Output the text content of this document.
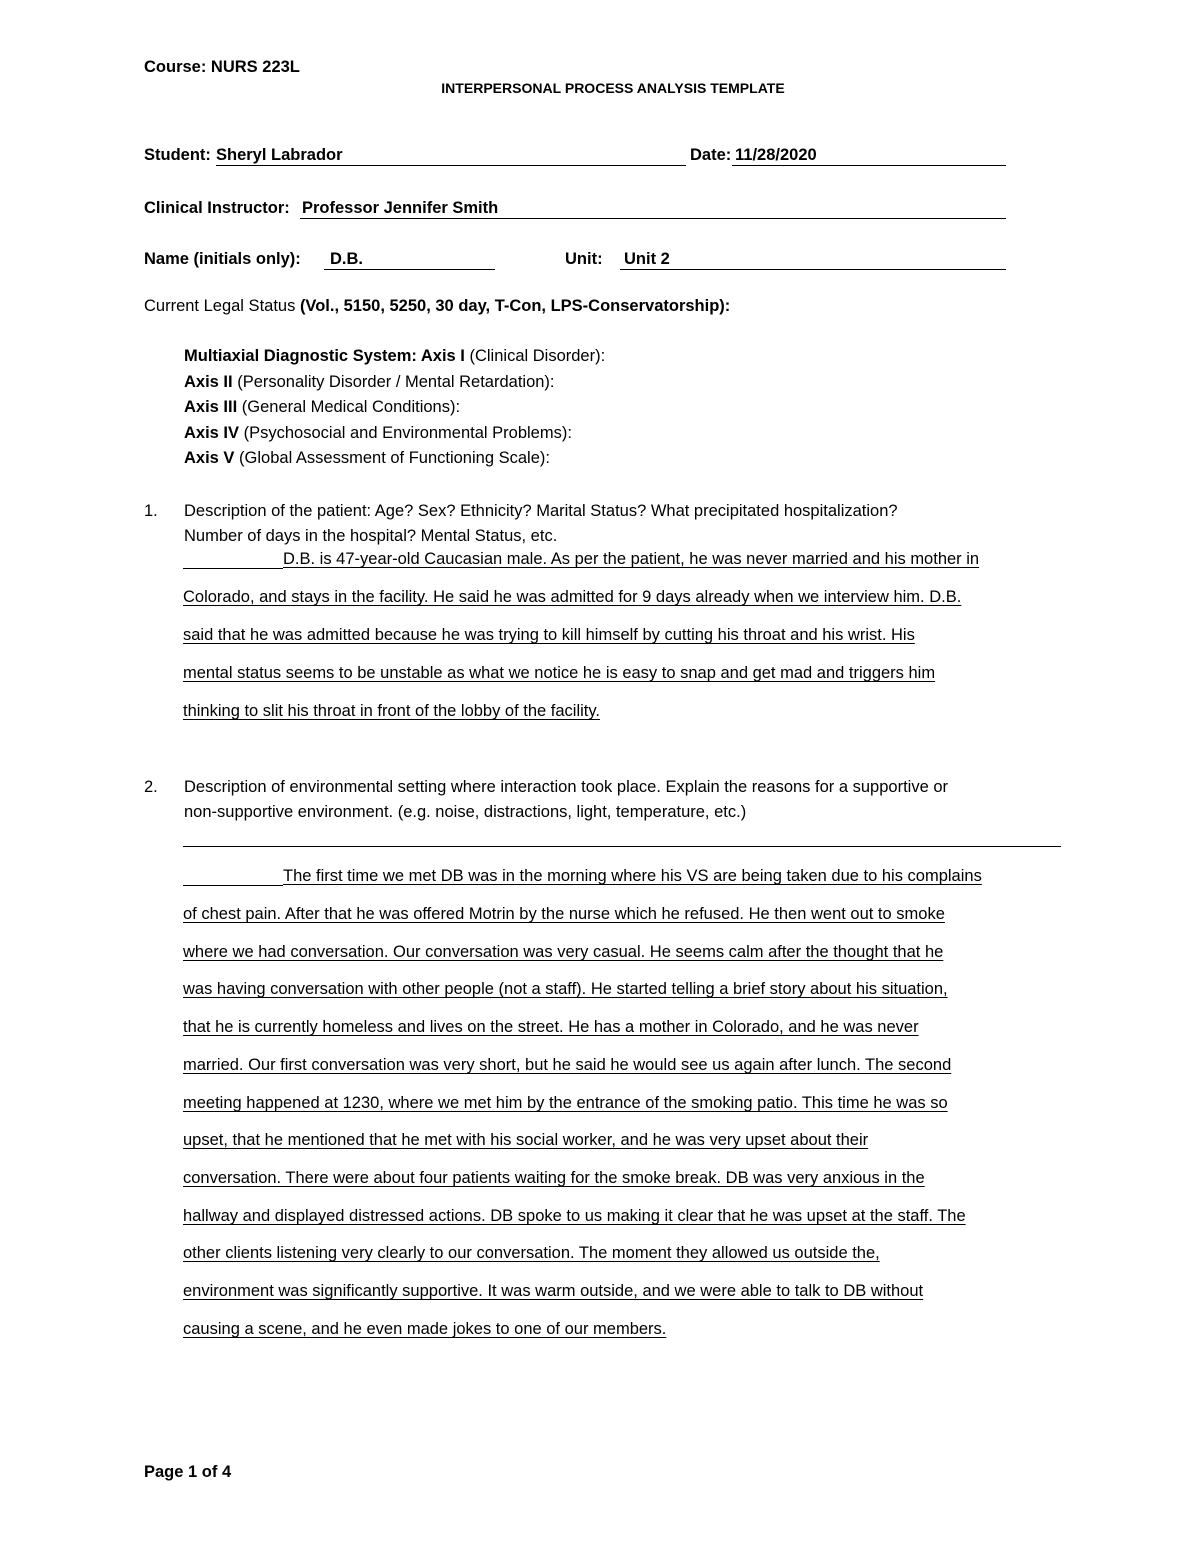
Course: NURS 223L
INTERPERSONAL PROCESS ANALYSIS TEMPLATE
Student: Sheryl Labrador	Date: 11/28/2020
Clinical Instructor: Professor Jennifer Smith
Name (initials only): D.B.	Unit: Unit 2
Current Legal Status (Vol., 5150, 5250, 30 day, T-Con, LPS-Conservatorship):
Multiaxial Diagnostic System: Axis I (Clinical Disorder):
Axis II (Personality Disorder / Mental Retardation):
Axis III (General Medical Conditions):
Axis IV (Psychosocial and Environmental Problems):
Axis V (Global Assessment of Functioning Scale):
1. Description of the patient: Age? Sex? Ethnicity? Marital Status? What precipitated hospitalization?
Number of days in the hospital? Mental Status, etc.
D.B. is 47-year-old Caucasian male. As per the patient, he was never married and his mother in
Colorado, and stays in the facility. He said he was admitted for 9 days already when we interview him. D.B.
said that he was admitted because he was trying to kill himself by cutting his throat and his wrist. His
mental status seems to be unstable as what we notice he is easy to snap and get mad and triggers him
thinking to slit his throat in front of the lobby of the facility.
2. Description of environmental setting where interaction took place. Explain the reasons for a supportive or
non-supportive environment. (e.g. noise, distractions, light, temperature, etc.)
The first time we met DB was in the morning where his VS are being taken due to his complains
of chest pain. After that he was offered Motrin by the nurse which he refused. He then went out to smoke
where we had conversation. Our conversation was very casual. He seems calm after the thought that he
was having conversation with other people (not a staff). He started telling a brief story about his situation,
that he is currently homeless and lives on the street. He has a mother in Colorado, and he was never
married. Our first conversation was very short, but he said he would see us again after lunch. The second
meeting happened at 1230, where we met him by the entrance of the smoking patio. This time he was so
upset, that he mentioned that he met with his social worker, and he was very upset about their
conversation. There were about four patients waiting for the smoke break. DB was very anxious in the
hallway and displayed distressed actions. DB spoke to us making it clear that he was upset at the staff. The
other clients listening very clearly to our conversation. The moment they allowed us outside the,
environment was significantly supportive. It was warm outside, and we were able to talk to DB without
causing a scene, and he even made jokes to one of our members.
Page 1 of 4
